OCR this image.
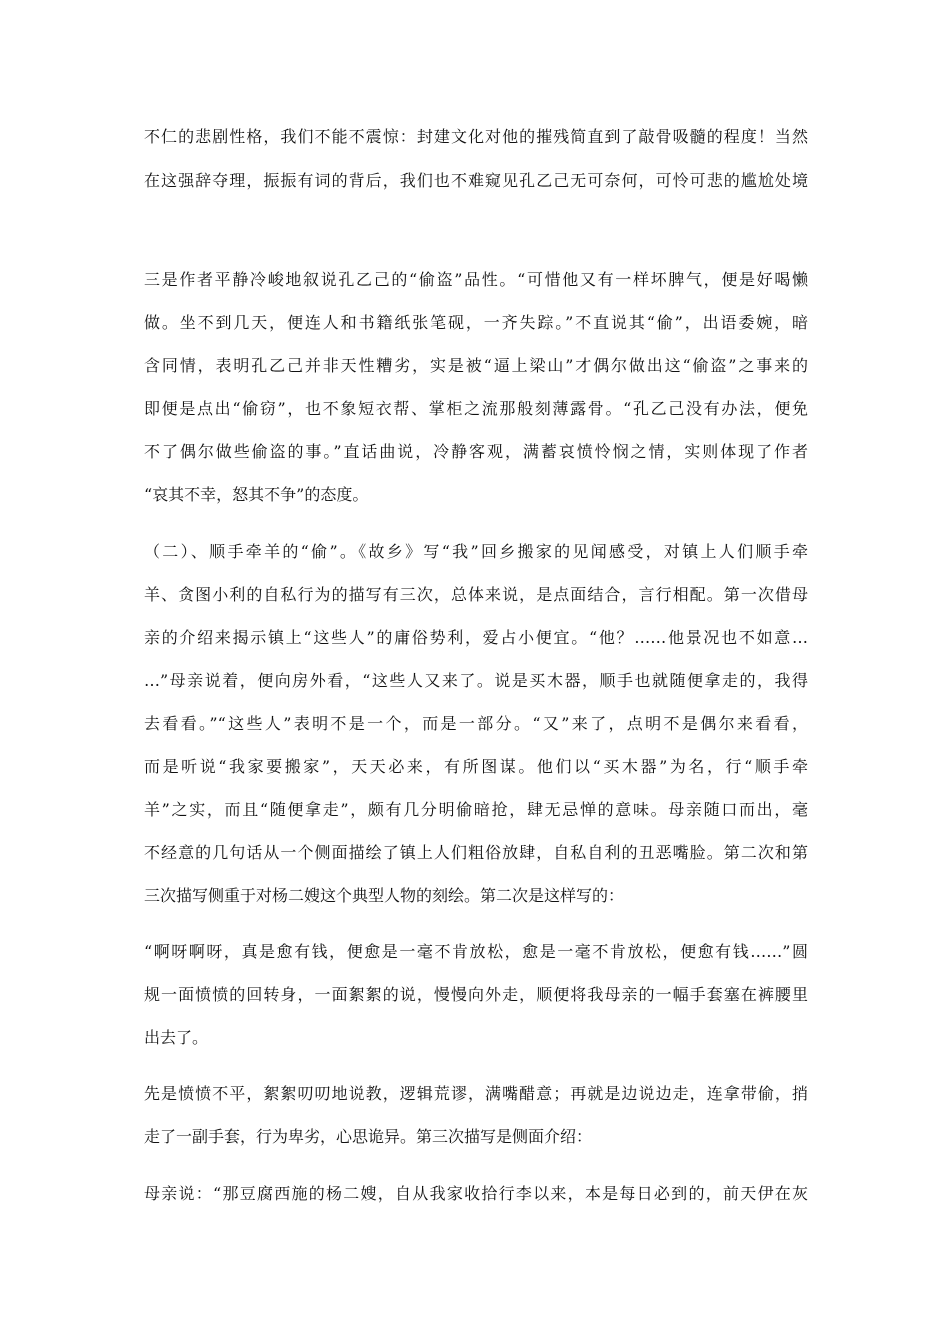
不仁的悲剧性格，我们不能不震惊：封建文化对他的摧残简直到了敲骨吸髓的程度！当然
在这强辞夺理，振振有词的背后，我们也不难窥见孔乙己无可奈何，可怜可悲的尴尬处境
三是作者平静冷峻地叙说孔乙己的“偷盗”品性。“可惜他又有一样坏脾气，便是好喝懒
做。坐不到几天，便连人和书籍纸张笔砚，一齐失踪。”不直说其“偷”，出语委婉，暗
含同情，表明孔乙己并非天性糟劣，实是被“逼上梁山”才偶尔做出这“偷盗”之事来的
即便是点出“偷窃”，也不象短衣帮、掌柜之流那般刻薄露骨。“孔乙己没有办法，便免
不了偶尔做些偷盗的事。”直话曲说，冷静客观，满蓄哀愤怜悯之情，实则体现了作者
“哀其不幸，怒其不争”的态度。
（二）、顺手牵羊的“偷”。《故乡》写“我”回乡搬家的见闻感受，对镇上人们顺手牵
羊、贪图小利的自私行为的描写有三次，总体来说，是点面结合，言行相配。第一次借母
亲的介绍来揭示镇上“这些人”的庸俗势利，爱占小便宜。“他？……他景况也不如意…
…”母亲说着，便向房外看，“这些人又来了。说是买木器，顺手也就随便拿走的，我得
去看看。”“这些人”表明不是一个，而是一部分。“又”来了，点明不是偶尔来看看，
而是听说“我家要搬家”，天天必来，有所图谋。他们以“买木器”为名，行“顺手牵
羊”之实，而且“随便拿走”，颇有几分明偷暗抢，肆无忌惮的意味。母亲随口而出，毫
不经意的几句话从一个侧面描绘了镇上人们粗俗放肆，自私自利的丑恶嘴脸。第二次和第
三次描写侧重于对杨二嫂这个典型人物的刻绘。第二次是这样写的：
“啊呀啊呀，真是愈有钱，便愈是一毫不肯放松，愈是一毫不肯放松，便愈有钱……”圆
规一面愤愤的回转身，一面絮絮的说，慢慢向外走，顺便将我母亲的一幅手套塞在裤腰里
出去了。
先是愤愤不平，絮絮叨叨地说教，逻辑荒谬，满嘴醋意；再就是边说边走，连拿带偷，捎
走了一副手套，行为卑劣，心思诡异。第三次描写是侧面介绍：
母亲说：“那豆腐西施的杨二嫂，自从我家收拾行李以来，本是每日必到的，前天伊在灰
